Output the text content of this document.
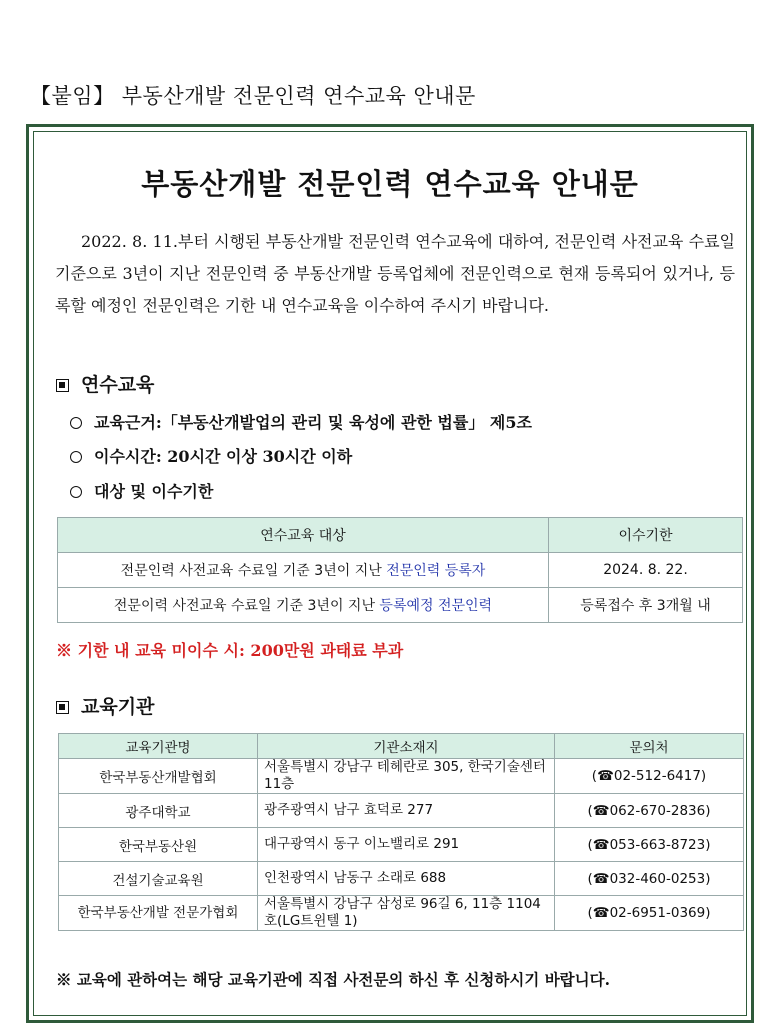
【붙임】 부동산개발 전문인력 연수교육 안내문
부동산개발 전문인력 연수교육 안내문
2022. 8. 11.부터 시행된 부동산개발 전문인력 연수교육에 대하여, 전문인력 사전교육 수료일 기준으로 3년이 지난 전문인력 중 부동산개발 등록업체에 전문인력으로 현재 등록되어 있거나, 등록할 예정인 전문인력은 기한 내 연수교육을 이수하여 주시기 바랍니다.
연수교육
교육근거:「부동산개발업의 관리 및 육성에 관한 법률」 제5조
이수시간: 20시간 이상 30시간 이하
대상 및 이수기한
연수교육 대상	이수기한
전문인력 사전교육 수료일 기준 3년이 지난 전문인력 등록자	2024. 8. 22.
전문이력 사전교육 수료일 기준 3년이 지난 등록예정 전문인력	등록접수 후 3개월 내
※ 기한 내 교육 미이수 시: 200만원 과태료 부과
교육기관
교육기관명	기관소재지	문의처
한국부동산개발협회	서울특별시 강남구 테헤란로 305, 한국기술센터 11층	(☎02-512-6417)
광주대학교	광주광역시 남구 효덕로 277	(☎062-670-2836)
한국부동산원	대구광역시 동구 이노밸리로 291	(☎053-663-8723)
건설기술교육원	인천광역시 남동구 소래로 688	(☎032-460-0253)
한국부동산개발 전문가협회	서울특별시 강남구 삼성로 96길 6, 11층 1104호(LG트윈텔 1)	(☎02-6951-0369)
※ 교육에 관하여는 해당 교육기관에 직접 사전문의 하신 후 신청하시기 바랍니다.
